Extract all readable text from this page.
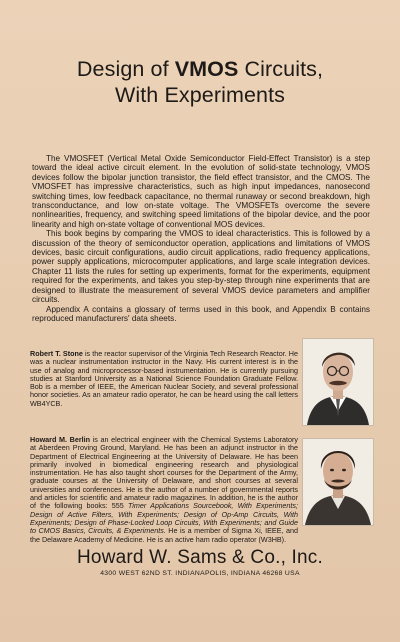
Design of VMOS Circuits,
With Experiments

The VMOSFET (Vertical Metal Oxide Semiconductor Field-Effect Transistor) is a step toward the ideal active circuit element. In the evolution of solid-state technology, VMOS devices follow the bipolar junction transistor, the field effect transistor, and the CMOS. The VMOSFET has impressive characteristics, such as high input impedances, nanosecond switching times, low feedback capacitance, no thermal runaway or second breakdown, high transconductance, and low on-state voltage. The VMOSFETs overcome the severe nonlinearities, frequency, and switching speed limitations of the bipolar device, and the poor linearity and high on-state voltage of conventional MOS devices.

This book begins by comparing the VMOS to ideal characteristics. This is followed by a discussion of the theory of semiconductor operation, applications and limitations of VMOS devices, basic circuit configurations, audio circuit applications, radio frequency applications, power supply applications, microcomputer applications, and large scale integration devices. Chapter 11 lists the rules for setting up experiments, format for the experiments, equipment required for the experiments, and takes you step-by-step through nine experiments that are designed to illustrate the measurement of several VMOS device parameters and amplifier circuits.

Appendix A contains a glossary of terms used in this book, and Appendix B contains reproduced manufacturers' data sheets.

Robert T. Stone is the reactor supervisor of the Virginia Tech Research Reactor. He was a nuclear instrumentation instructor in the Navy. His current interest is in the use of analog and microprocessor-based instrumentation. He is currently pursuing studies at Stanford University as a National Science Foundation Graduate Fellow. Bob is a member of IEEE, the American Nuclear Society, and several professional honor societies. As an amateur radio operator, he can be heard using the call letters WB4YCB.

Howard M. Berlin is an electrical engineer with the Chemical Systems Laboratory at Aberdeen Proving Ground, Maryland. He has been an adjunct instructor in the Department of Electrical Engineering at the University of Delaware. He has been primarily involved in biomedical engineering research and physiological instrumentation. He has also taught short courses for the Department of the Army, graduate courses at the University of Delaware, and short courses at several universities and conferences. He is the author of a number of governmental reports and articles for scientific and amateur radio magazines. In addition, he is the author of the following books: 555 Timer Applications Sourcebook, With Experiments; Design of Active Filters, With Experiments; Design of Op-Amp Circuits, With Experiments; Design of Phase-Locked Loop Circuits, With Experiments; and Guide to CMOS Basics, Circuits, & Experiments. He is a member of Sigma Xi, IEEE, and the Delaware Academy of Medicine. He is an active ham radio operator (W3HB).

Howard W. Sams & Co., Inc.
4300 WEST 62ND ST. INDIANAPOLIS, INDIANA 46268 USA
